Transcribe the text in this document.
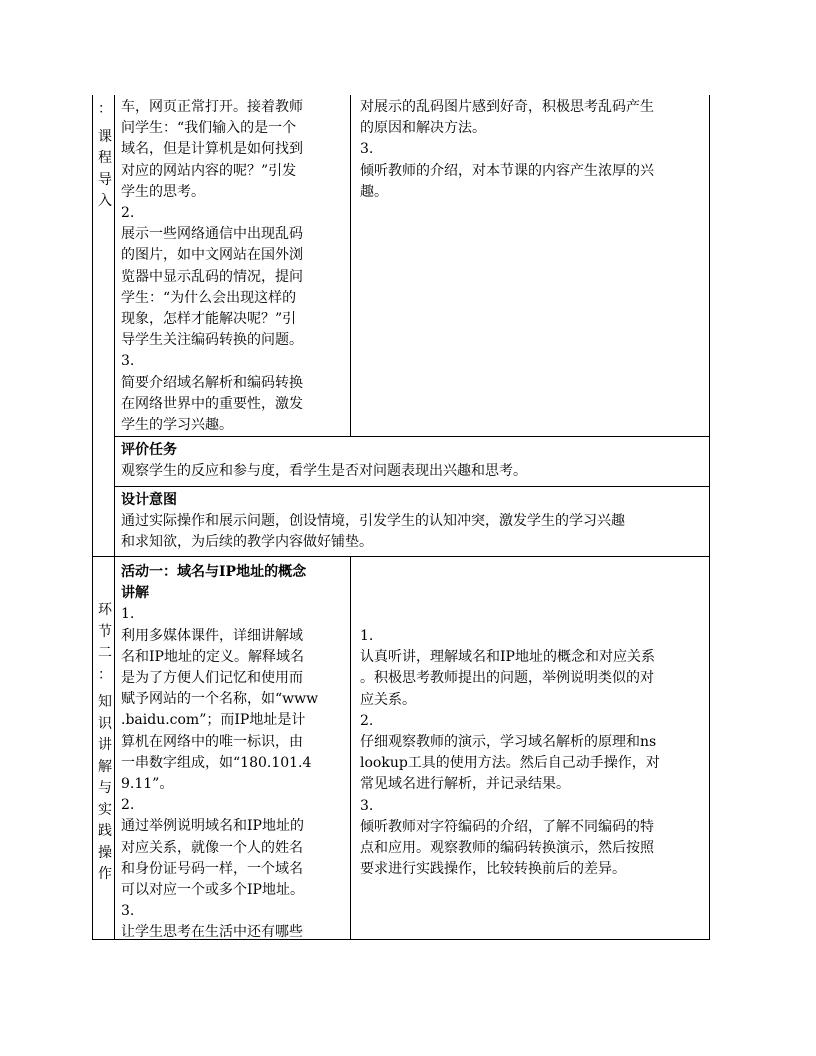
：
课
程
导
入

车，网页正常打开。接着教师

问学生：“我们输入的是一个

域名，但是计算机是如何找到

对应的网站内容的呢？”引发

学生的思考。

2.

展示一些网络通信中出现乱码

的图片，如中文网站在国外浏

览器中显示乱码的情况，提问

学生：“为什么会出现这样的

现象，怎样才能解决呢？”引

导学生关注编码转换的问题。

3.

简要介绍域名解析和编码转换

在网络世界中的重要性，激发

学生的学习兴趣。

对展示的乱码图片感到好奇，积极思考乱码产生

的原因和解决方法。

3.

倾听教师的介绍，对本节课的内容产生浓厚的兴

趣。

评价任务

观察学生的反应和参与度，看学生是否对问题表现出兴趣和思考。

设计意图

通过实际操作和展示问题，创设情境，引发学生的认知冲突，激发学生的学习兴趣

和求知欲，为后续的教学内容做好铺垫。

环
节
二
：
知
识
讲
解
与
实
践
操
作

活动一：域名与IP地址的概念

讲解

1.

利用多媒体课件，详细讲解域

名和IP地址的定义。解释域名

是为了方便人们记忆和使用而

赋予网站的一个名称，如“www

.baidu.com”；而IP地址是计

算机在网络中的唯一标识，由

一串数字组成，如“180.101.4

9.11”。

2.

通过举例说明域名和IP地址的

对应关系，就像一个人的姓名

和身份证号码一样，一个域名

可以对应一个或多个IP地址。

3.

让学生思考在生活中还有哪些

1.

认真听讲，理解域名和IP地址的概念和对应关系

。积极思考教师提出的问题，举例说明类似的对

应关系。

2.

仔细观察教师的演示，学习域名解析的原理和ns

lookup工具的使用方法。然后自己动手操作，对

常见域名进行解析，并记录结果。

3.

倾听教师对字符编码的介绍，了解不同编码的特

点和应用。观察教师的编码转换演示，然后按照

要求进行实践操作，比较转换前后的差异。
